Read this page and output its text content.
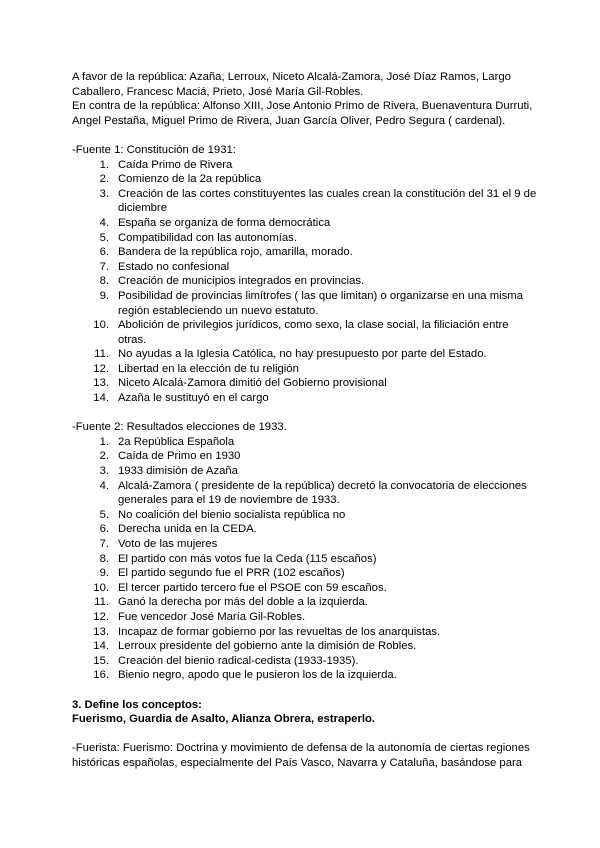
A favor de la república: Azaña, Lerroux, Niceto Alcalá-Zamora, José Díaz Ramos, Largo Caballero, Francesc Maciá, Prieto, José María Gil-Robles.

En contra de la república: Alfonso XIII, Jose Antonio Primo de Rivera, Buenaventura Durruti, Angel Pestaña, Miguel Primo de Rivera, Juan García Oliver, Pedro Segura ( cardenal).

-Fuente 1: Constitución de 1931:

1. Caída Primo de Rivera
2. Comienzo de la 2a república
3. Creación de las cortes constituyentes las cuales crean la constitución del 31 el 9 de diciembre
4. España se organiza de forma democrática
5. Compatibilidad con las autonomías.
6. Bandera de la república rojo, amarilla, morado.
7. Estado no confesional
8. Creación de municipios integrados en provincias.
9. Posibilidad de provincias limítrofes ( las que limitan) o organizarse en una misma región estableciendo un nuevo estatuto.
10. Abolición de privilegios jurídicos, como sexo, la clase social, la filiciación entre otras.
11. No ayudas a la Iglesia Católica, no hay presupuesto por parte del Estado.
12. Libertad en la elección de tu religión
13. Niceto Alcalá-Zamora dimitió del Gobierno provisional
14. Azaña le sustituyó en el cargo

-Fuente 2: Resultados elecciones de 1933.

1. 2a República Española
2. Caída de Primo en 1930
3. 1933 dimisión de Azaña
4. Alcalá-Zamora ( presidente de la república) decretó la convocatoria de elecciones generales para el 19 de noviembre de 1933.
5. No coalición del bienio socialista república no
6. Derecha unida en la CEDA.
7. Voto de las mujeres
8. El partido con más votos fue la Ceda (115 escaños)
9. El partido segundo fue el PRR (102 escaños)
10. El tercer partido tercero fue el PSOE con 59 escaños.
11. Ganó la derecha por más del doble a la izquierda.
12. Fue vencedor José María Gil-Robles.
13. Incapaz de formar gobierno por las revueltas de los anarquistas.
14. Lerroux presidente del gobierno ante la dimisión de Robles.
15. Creación del bienio radical-cedista (1933-1935).
16. Bienio negro, apodo que le pusieron los de la izquierda.

3. Define los conceptos:

Fuerismo, Guardia de Asalto, Alianza Obrera, estraperlo.

-Fuerista: Fuerismo: Doctrina y movimiento de defensa de la autonomía de ciertas regiones históricas españolas, especialmente del País Vasco, Navarra y Cataluña, basándose para
